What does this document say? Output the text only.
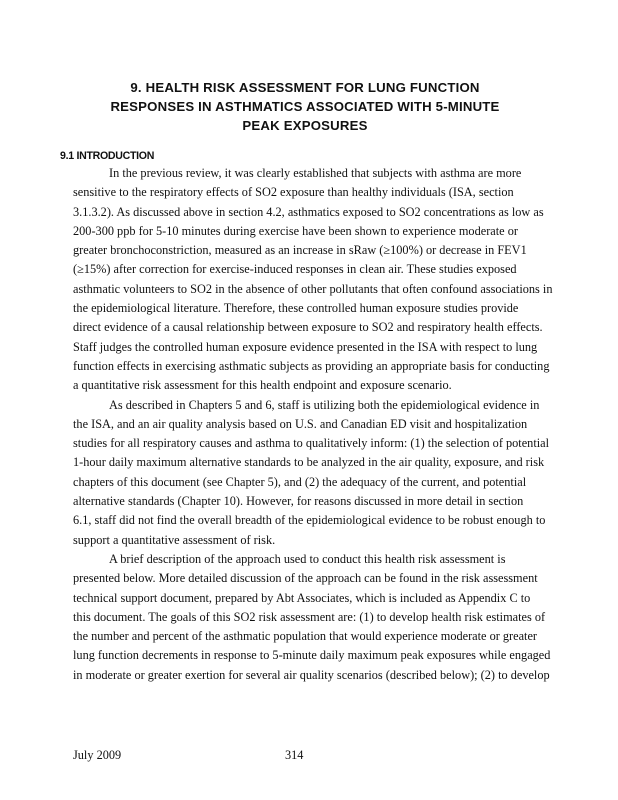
9. HEALTH RISK ASSESSMENT FOR LUNG FUNCTION
RESPONSES IN ASTHMATICS ASSOCIATED WITH 5-MINUTE
PEAK EXPOSURES
9.1 INTRODUCTION

In the previous review, it was clearly established that subjects with asthma are more
sensitive to the respiratory effects of SO2 exposure than healthy individuals (ISA, section
3.1.3.2). As discussed above in section 4.2, asthmatics exposed to SO2 concentrations as low as
200-300 ppb for 5-10 minutes during exercise have been shown to experience moderate or
greater bronchoconstriction, measured as an increase in sRaw (≥100%) or decrease in FEV1
(≥15%) after correction for exercise-induced responses in clean air. These studies exposed
asthmatic volunteers to SO2 in the absence of other pollutants that often confound associations in
the epidemiological literature. Therefore, these controlled human exposure studies provide
direct evidence of a causal relationship between exposure to SO2 and respiratory health effects.
Staff judges the controlled human exposure evidence presented in the ISA with respect to lung
function effects in exercising asthmatic subjects as providing an appropriate basis for conducting
a quantitative risk assessment for this health endpoint and exposure scenario.

As described in Chapters 5 and 6, staff is utilizing both the epidemiological evidence in
the ISA, and an air quality analysis based on U.S. and Canadian ED visit and hospitalization
studies for all respiratory causes and asthma to qualitatively inform: (1) the selection of potential
1-hour daily maximum alternative standards to be analyzed in the air quality, exposure, and risk
chapters of this document (see Chapter 5), and (2) the adequacy of the current, and potential
alternative standards (Chapter 10). However, for reasons discussed in more detail in section
6.1, staff did not find the overall breadth of the epidemiological evidence to be robust enough to
support a quantitative assessment of risk.

A brief description of the approach used to conduct this health risk assessment is
presented below. More detailed discussion of the approach can be found in the risk assessment
technical support document, prepared by Abt Associates, which is included as Appendix C to
this document. The goals of this SO2 risk assessment are: (1) to develop health risk estimates of
the number and percent of the asthmatic population that would experience moderate or greater
lung function decrements in response to 5-minute daily maximum peak exposures while engaged
in moderate or greater exertion for several air quality scenarios (described below); (2) to develop

July 2009	314
